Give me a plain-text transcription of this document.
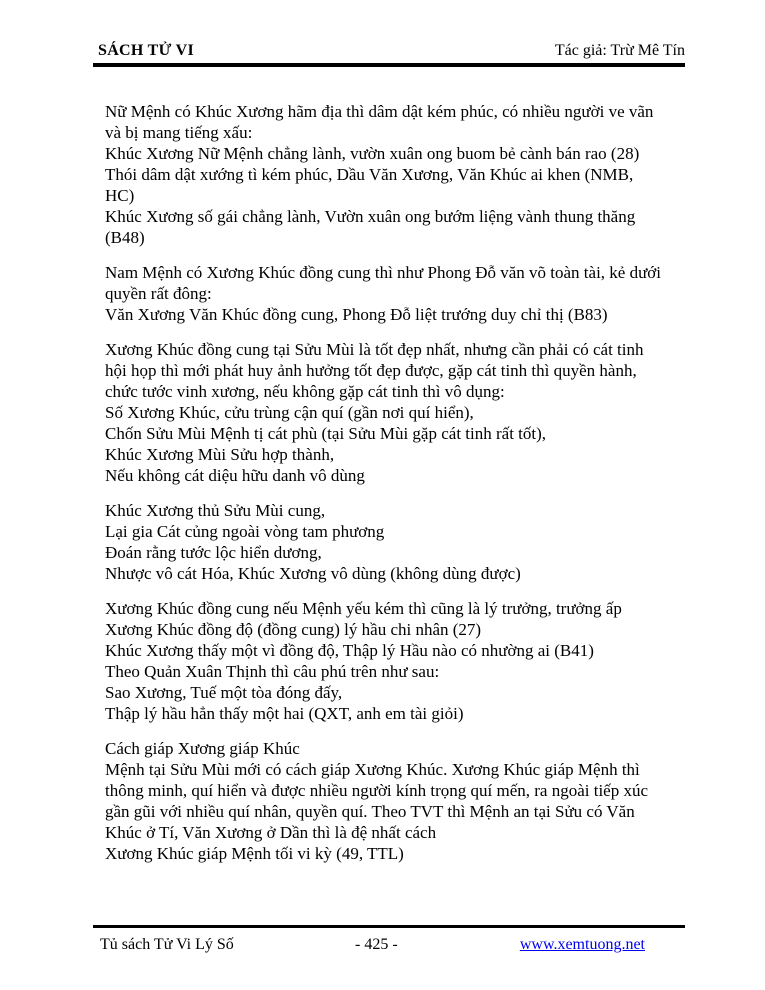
SÁCH TỬ VI	Tác giả: Trừ Mê Tín
Nữ Mệnh có Khúc Xương hãm địa thì dâm dật kém phúc, có nhiều người ve vãn
và bị mang tiếng xấu:
Khúc Xương Nữ Mệnh chẳng lành, vườn xuân ong buom bẻ cành bán rao (28)
Thói dâm dật xướng tì kém phúc, Dầu Văn Xương, Văn Khúc ai khen (NMB,
HC)
Khúc Xương số gái chẳng lành, Vườn xuân ong bướm liệng vành thung thăng
(B48)
Nam Mệnh có Xương Khúc đồng cung thì như Phong Đỗ văn võ toàn tài, kẻ dưới
quyền rất đông:
Văn Xương Văn Khúc đồng cung, Phong Đỗ liệt trướng duy chỉ thị (B83)
Xương Khúc đồng cung tại Sửu Mùi là tốt đẹp nhất, nhưng cần phải có cát tinh
hội họp thì mới phát huy ảnh hưởng tốt đẹp được, gặp cát tinh thì quyền hành,
chức tước vinh xương, nếu không gặp cát tinh thì vô dụng:
Số Xương Khúc, cửu trùng cận quí (gần nơi quí hiển),
Chốn Sửu Mùi Mệnh tị cát phù (tại Sửu Mùi gặp cát tinh rất tốt),
Khúc Xương Mùi Sửu hợp thành,
Nếu không cát diệu hữu danh vô dùng
Khúc Xương thủ Sửu Mùi cung,
Lại gia Cát củng ngoài vòng tam phương
Đoán rằng tước lộc hiển dương,
Nhược vô cát Hóa, Khúc Xương vô dùng (không dùng được)
Xương Khúc đồng cung nếu Mệnh yếu kém thì cũng là lý trưởng, trưởng ấp
Xương Khúc đồng độ (đồng cung) lý hầu chi nhân (27)
Khúc Xương thấy một vì đồng độ, Thập lý Hầu nào có nhường ai (B41)
Theo Quản Xuân Thịnh thì câu phú trên như sau:
Sao Xương, Tuế một tòa đóng đấy,
Thập lý hầu hẳn thấy một hai (QXT, anh em tài giỏi)
Cách giáp Xương giáp Khúc
Mệnh tại Sửu Mùi mới có cách giáp Xương Khúc. Xương Khúc giáp Mệnh thì
thông minh, quí hiển và được nhiều người kính trọng quí mến, ra ngoài tiếp xúc
gần gũi với nhiều quí nhân, quyền quí. Theo TVT thì Mệnh an tại Sửu có Văn
Khúc ở Tí, Văn Xương ở Dần thì là đệ nhất cách
Xương Khúc giáp Mệnh tối vi kỳ (49, TTL)
Tủ sách Tử Vi Lý Số	- 425 -	www.xemtuong.net
